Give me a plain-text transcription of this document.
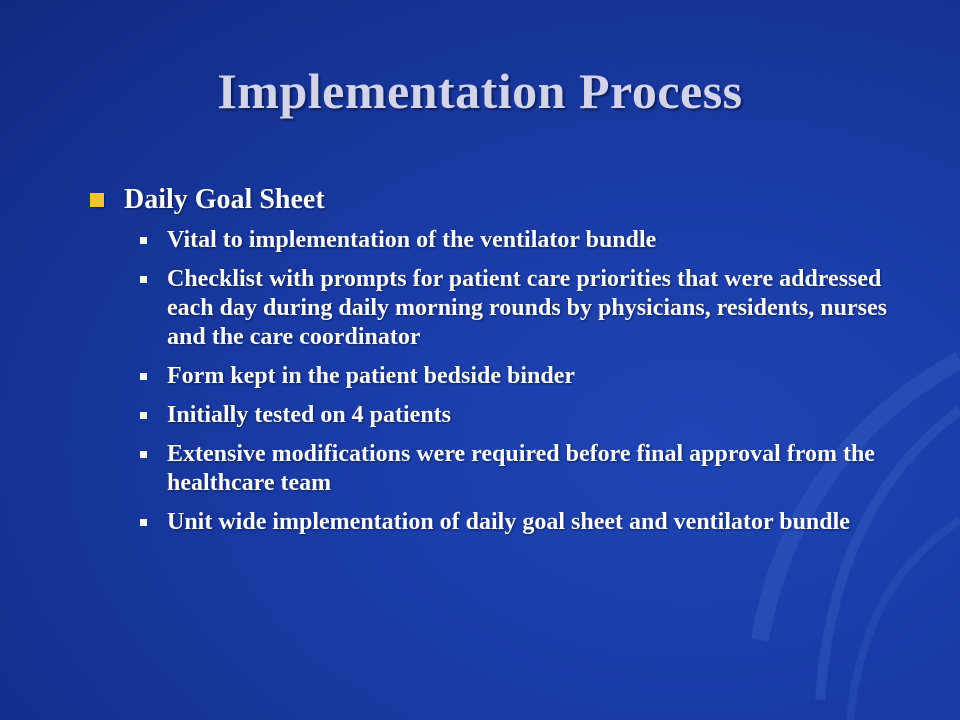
Implementation Process
Daily Goal Sheet
Vital to implementation of the ventilator bundle
Checklist with prompts for patient care priorities that were addressed each day during daily morning rounds by physicians, residents, nurses and the care coordinator
Form kept in the patient bedside binder
Initially tested on 4 patients
Extensive modifications were required before final approval from the healthcare team
Unit wide implementation of daily goal sheet and ventilator bundle
